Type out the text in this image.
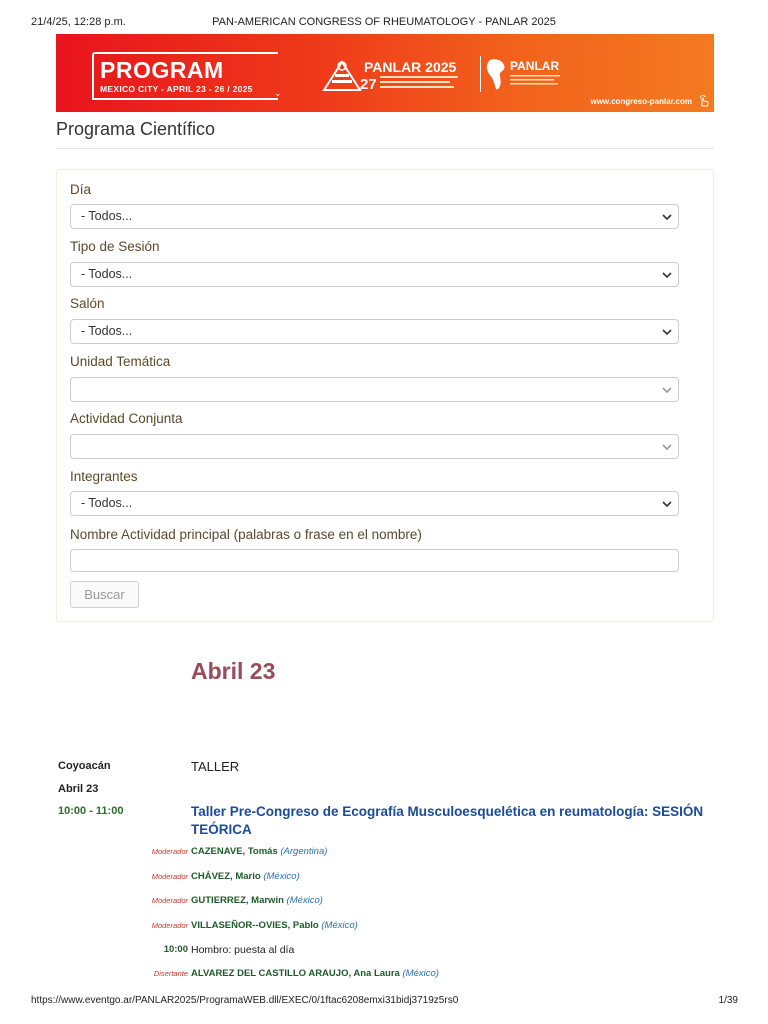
21/4/25, 12:28 p.m.	PAN-AMERICAN CONGRESS OF RHEUMATOLOGY - PANLAR 2025
PROGRAM
MEXICO CITY - APRIL 23 - 26 / 2025 ⌄
PANLAR 2025
27
PANLAR
www.congreso-panlar.com
Programa Científico
Día
- Todos...
Tipo de Sesión
- Todos...
Salón
- Todos...
Unidad Temática
Actividad Conjunta
Integrantes
- Todos...
Nombre Actividad principal (palabras o frase en el nombre)
Buscar
Abril 23
Coyoacán	TALLER
Abril 23
10:00 - 11:00	Taller Pre-Congreso de Ecografía Musculoesquelética en reumatología: SESIÓN TEÓRICA
Moderador CAZENAVE, Tomás (Argentina)
Moderador CHÁVEZ, Mario (México)
Moderador GUTIERREZ, Marwin (México)
Moderador VILLASEÑOR--OVIES, Pablo (México)
10:00 Hombro: puesta al día
Disertante ALVAREZ DEL CASTILLO ARAUJO, Ana Laura (México)
https://www.eventgo.ar/PANLAR2025/ProgramaWEB.dll/EXEC/0/1ftac6208emxi31bidj3719z5rs0	1/39
